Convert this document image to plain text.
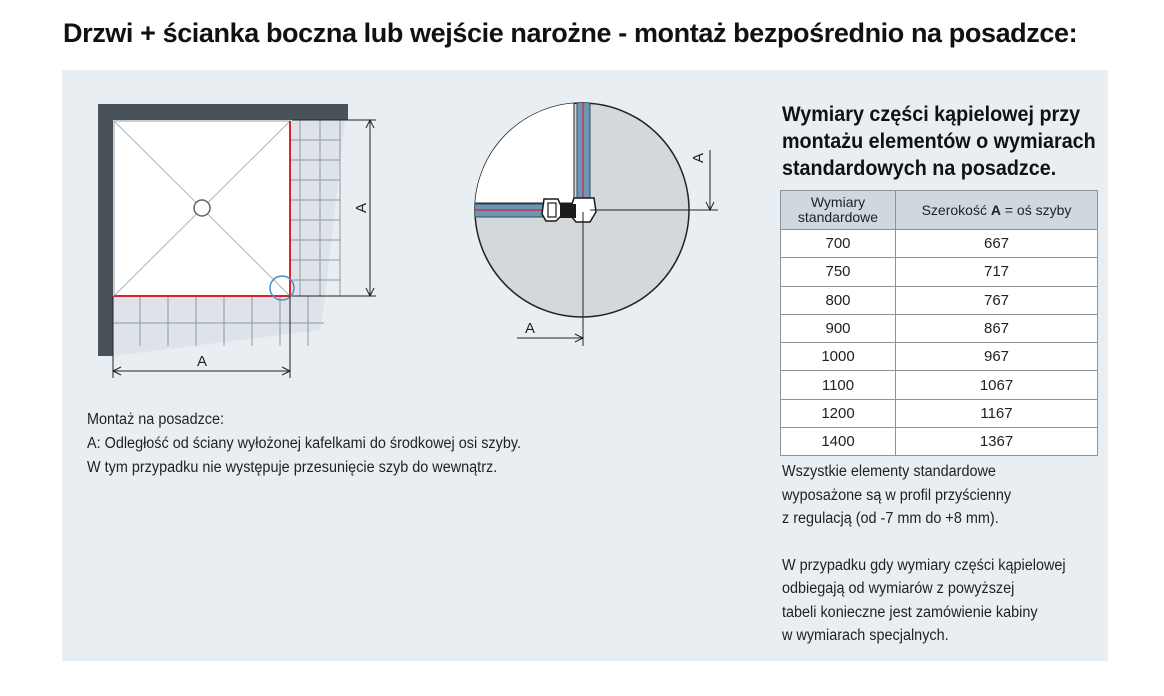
Drzwi + ścianka boczna lub wejście narożne - montaż bezpośrednio na posadzce:
A
A
A
A

Montaż na posadzce:

A: Odległość od ściany wyłożonej kafelkami do środkowej osi szyby.

W tym przypadku nie występuje przesunięcie szyb do wewnątrz.

Wymiary części kąpielowej przy
montażu elementów o wymiarach
standardowych na posadzce.
Wymiary
standardowe	Szerokość A = oś szyby
700	667
750	717
800	767
900	867
1000	967
1100	1067
1200	1167
1400	1367

Wszystkie elementy standardowe

wyposażone są w profil przyścienny

z regulacją (od -7 mm do +8 mm).

W przypadku gdy wymiary części kąpielowej

odbiegają od wymiarów z powyższej

tabeli konieczne jest zamówienie kabiny

w wymiarach specjalnych.
